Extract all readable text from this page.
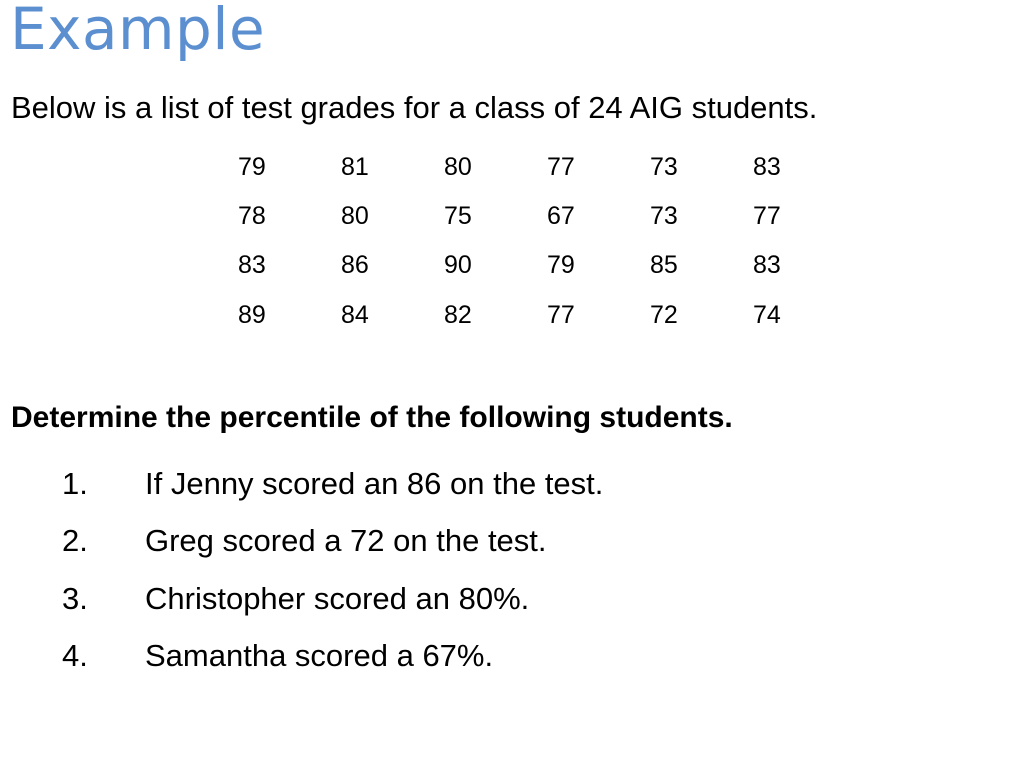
Example
Below is a list of test grades for a class of 24 AIG students.
79	81	80	77	73	83
78	80	75	67	73	77
83	86	90	79	85	83
89	84	82	77	72	74
Determine the percentile of the following students.
1.	If Jenny scored an 86 on the test.
2.	Greg scored a 72 on the test.
3.	Christopher scored an 80%.
4.	Samantha scored a 67%.
